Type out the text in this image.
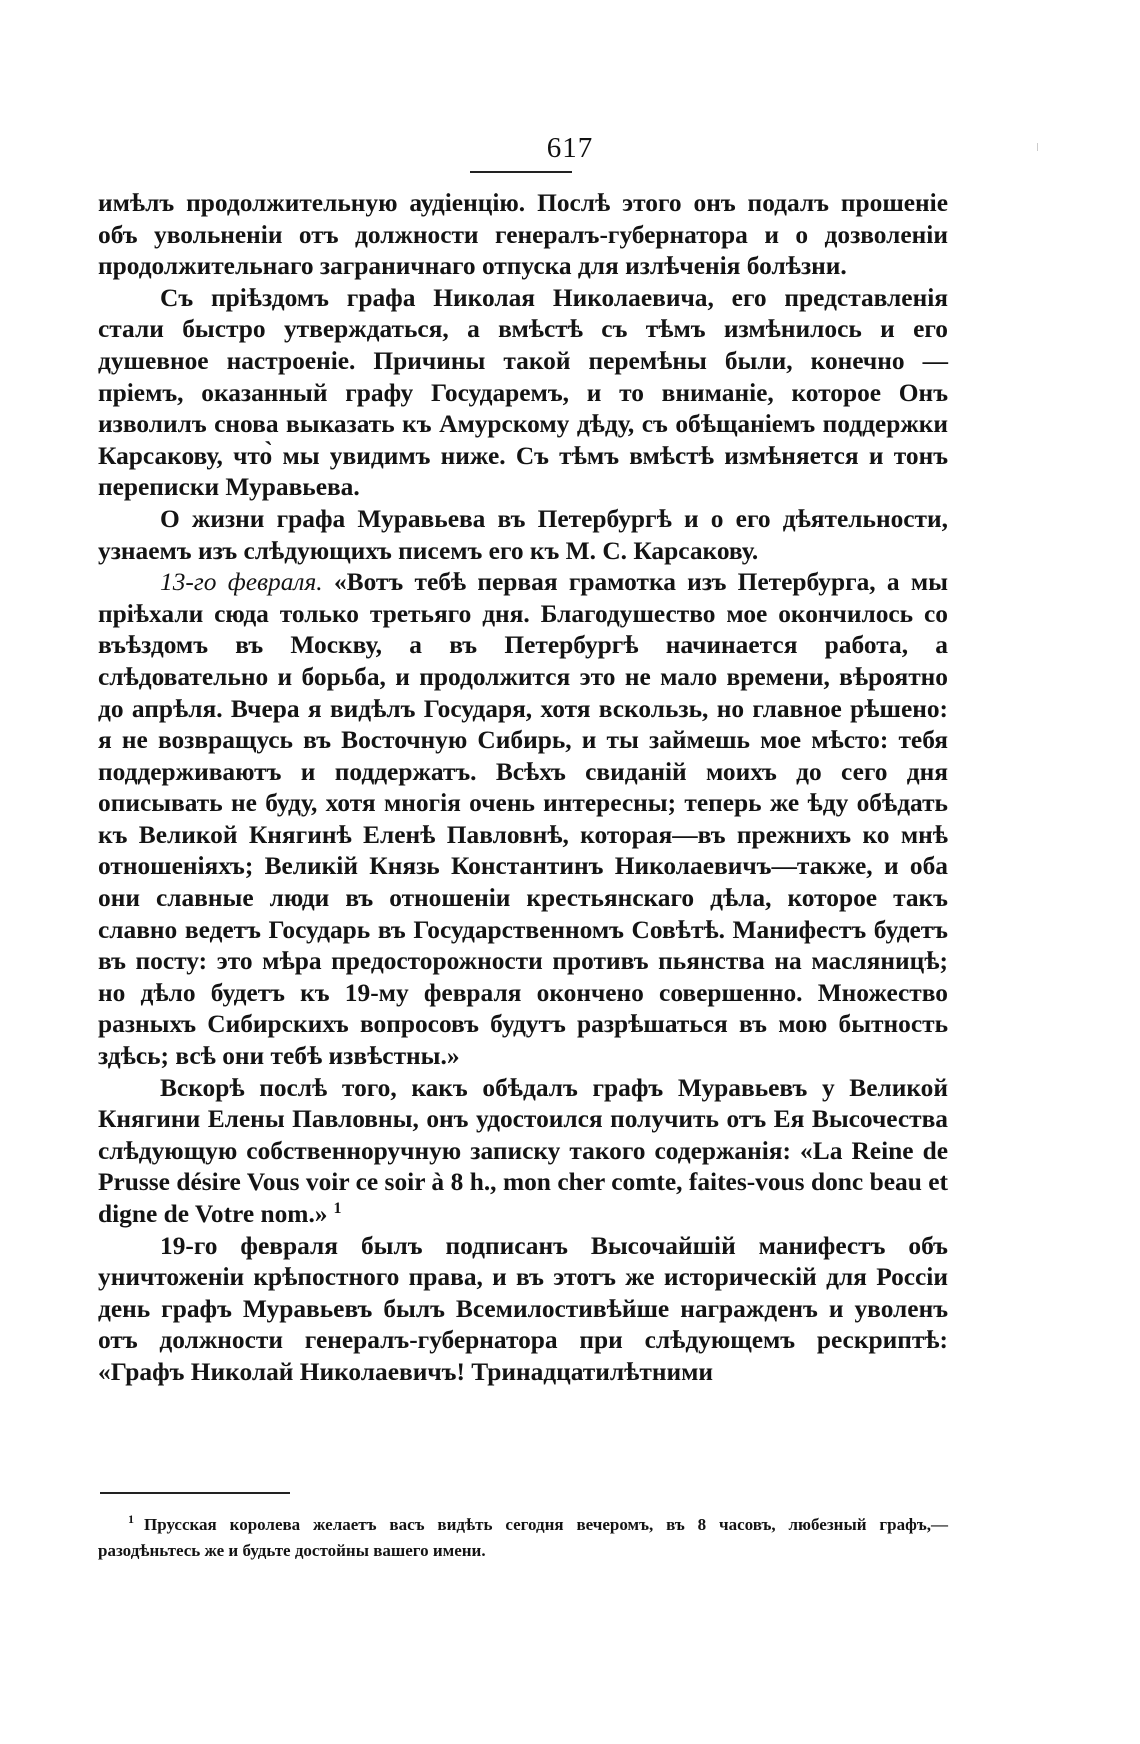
617

имѣлъ продолжительную аудіенцію. Послѣ этого онъ подалъ прошеніе объ увольненіи отъ должности генералъ-губернатора и о дозволеніи продолжительнаго заграничнаго отпуска для излѣченія болѣзни.

Съ пріѣздомъ графа Николая Николаевича, его представленія стали быстро утверждаться, а вмѣстѣ съ тѣмъ измѣнилось и его душевное настроеніе. Причины такой перемѣны были, конечно — пріемъ, оказанный графу Государемъ, и то вниманіе, которое Онъ изволилъ снова выказать къ Амурскому дѣду, съ обѣщаніемъ поддержки Карсакову, что̀ мы увидимъ ниже. Съ тѣмъ вмѣстѣ измѣняется и тонъ переписки Муравьева.

О жизни графа Муравьева въ Петербургѣ и о его дѣятельности, узнаемъ изъ слѣдующихъ писемъ его къ М. С. Карсакову.

13-го февраля. «Вотъ тебѣ первая грамотка изъ Петербурга, а мы пріѣхали сюда только третьяго дня. Благодушество мое окончилось со въѣздомъ въ Москву, а въ Петербургѣ начинается работа, а слѣдовательно и борьба, и продолжится это не мало времени, вѣроятно до апрѣля. Вчера я видѣлъ Государя, хотя вскользь, но главное рѣшено: я не возвращусь въ Восточную Сибирь, и ты займешь мое мѣсто: тебя поддерживаютъ и поддержатъ. Всѣхъ свиданій моихъ до сего дня описывать не буду, хотя многія очень интересны; теперь же ѣду обѣдать къ Великой Княгинѣ Еленѣ Павловнѣ, которая—въ прежнихъ ко мнѣ отношеніяхъ; Великій Князь Константинъ Николаевичъ—также, и оба они славные люди въ отношеніи крестьянскаго дѣла, которое такъ славно ведетъ Государь въ Государственномъ Совѣтѣ. Манифестъ будетъ въ посту: это мѣра предосторожности противъ пьянства на масляницѣ; но дѣло будетъ къ 19-му февраля окончено совершенно. Множество разныхъ Сибирскихъ вопросовъ будутъ разрѣшаться въ мою бытность здѣсь; всѣ они тебѣ извѣстны.»

Вскорѣ послѣ того, какъ обѣдалъ графъ Муравьевъ у Великой Княгини Елены Павловны, онъ удостоился получить отъ Ея Высочества слѣдующую собственноручную записку такого содержанія: «La Reine de Prusse désire Vous voir ce soir à 8 h., mon cher comte, faites-vous donc beau et digne de Votre nom.» $^1$

19-го февраля былъ подписанъ Высочайшій манифестъ объ уничтоженіи крѣпостного права, и въ этотъ же историческій для Россіи день графъ Муравьевъ былъ Всемилостивѣйше награжденъ и уволенъ отъ должности генералъ-губернатора при слѣдующемъ рескриптѣ: «Графъ Николай Николаевичъ! Тринадцатилѣтними

$^1$ Прусская королева желаетъ васъ видѣть сегодня вечеромъ, въ 8 часовъ, любезный графъ,—разодѣньтесь же и будьте достойны вашего имени.
